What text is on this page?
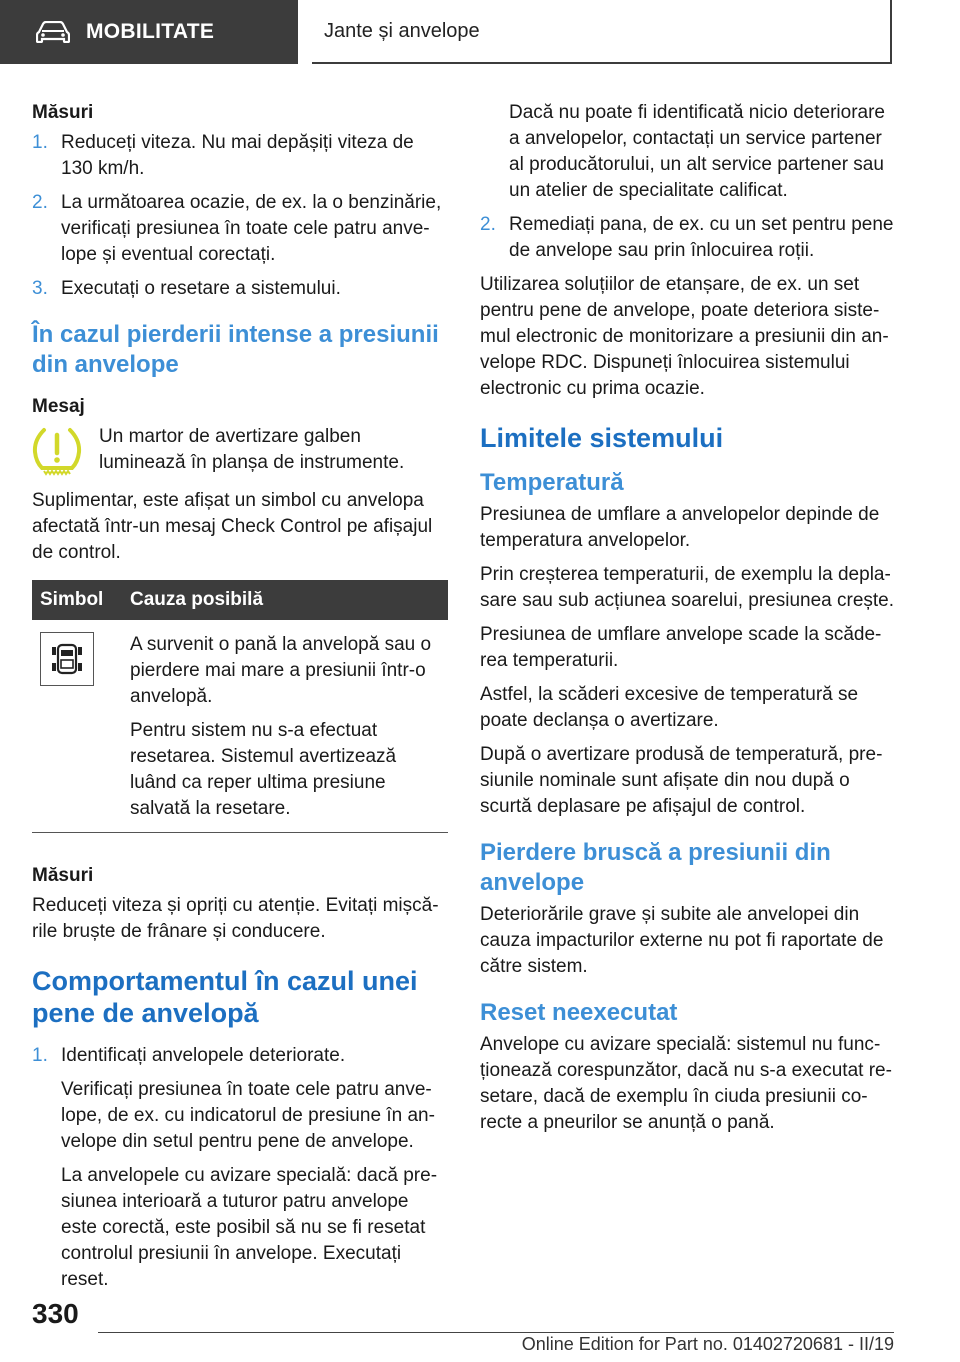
MOBILITATE	Jante și anvelope
Măsuri
1. Reduceți viteza. Nu mai depășiți viteza de 130 km/h.

2. La următoarea ocazie, de ex. la o benzinărie, verificați presiunea în toate cele patru anvelope și eventual corectați.

3. Executați o resetare a sistemului.

În cazul pierderii intense a presiunii din anvelope
Mesaj

Un martor de avertizare galben luminează în planșa de instrumente.

Suplimentar, este afișat un simbol cu anvelopa afectată într-un mesaj Check Control pe afișajul de control.

Simbol	Cauza posibilă

A survenit o pană la anvelopă sau o pierdere mai mare a presiunii într-o anvelopă.

Pentru sistem nu s-a efectuat resetarea. Sistemul avertizează luând ca reper ultima presiune salvată la resetare.

Măsuri

Reduceți viteza și opriți cu atenție. Evitați mișcările bruște de frânare și conducere.

Comportamentul în cazul unei pene de anvelopă
1. Identificați anvelopele deteriorate.

Verificați presiunea în toate cele patru anvelope, de ex. cu indicatorul de presiune în anvelope din setul pentru pene de anvelope.

La anvelopele cu avizare specială: dacă presiunea interioară a tuturor patru anvelope este corectă, este posibil să nu se fi resetat controlul presiunii în anvelope. Executați reset.

Dacă nu poate fi identificată nicio deteriorare a anvelopelor, contactați un service partener al producătorului, un alt service partener sau un atelier de specialitate calificat.

2. Remediați pana, de ex. cu un set pentru pene de anvelope sau prin înlocuirea roții.

Utilizarea soluțiilor de etanșare, de ex. un set pentru pene de anvelope, poate deteriora sistemul electronic de monitorizare a presiunii din anvelope RDC. Dispuneți înlocuirea sistemului electronic cu prima ocazie.

Limitele sistemului
Temperatură

Presiunea de umflare a anvelopelor depinde de temperatura anvelopelor.

Prin creșterea temperaturii, de exemplu la deplasare sau sub acțiunea soarelui, presiunea crește.

Presiunea de umflare anvelope scade la scăderea temperaturii.

Astfel, la scăderi excesive de temperatură se poate declanșa o avertizare.

După o avertizare produsă de temperatură, presiunile nominale sunt afișate din nou după o scurtă deplasare pe afișajul de control.

Pierdere bruscă a presiunii din anvelope

Deteriorările grave și subite ale anvelopei din cauza impacturilor externe nu pot fi raportate de către sistem.

Reset neexecutat

Anvelope cu avizare specială: sistemul nu funcționează corespunzător, dacă nu s-a executat resetare, dacă de exemplu în ciuda presiunii corecte a pneurilor se anunță o pană.

330
Online Edition for Part no. 01402720681 - II/19
